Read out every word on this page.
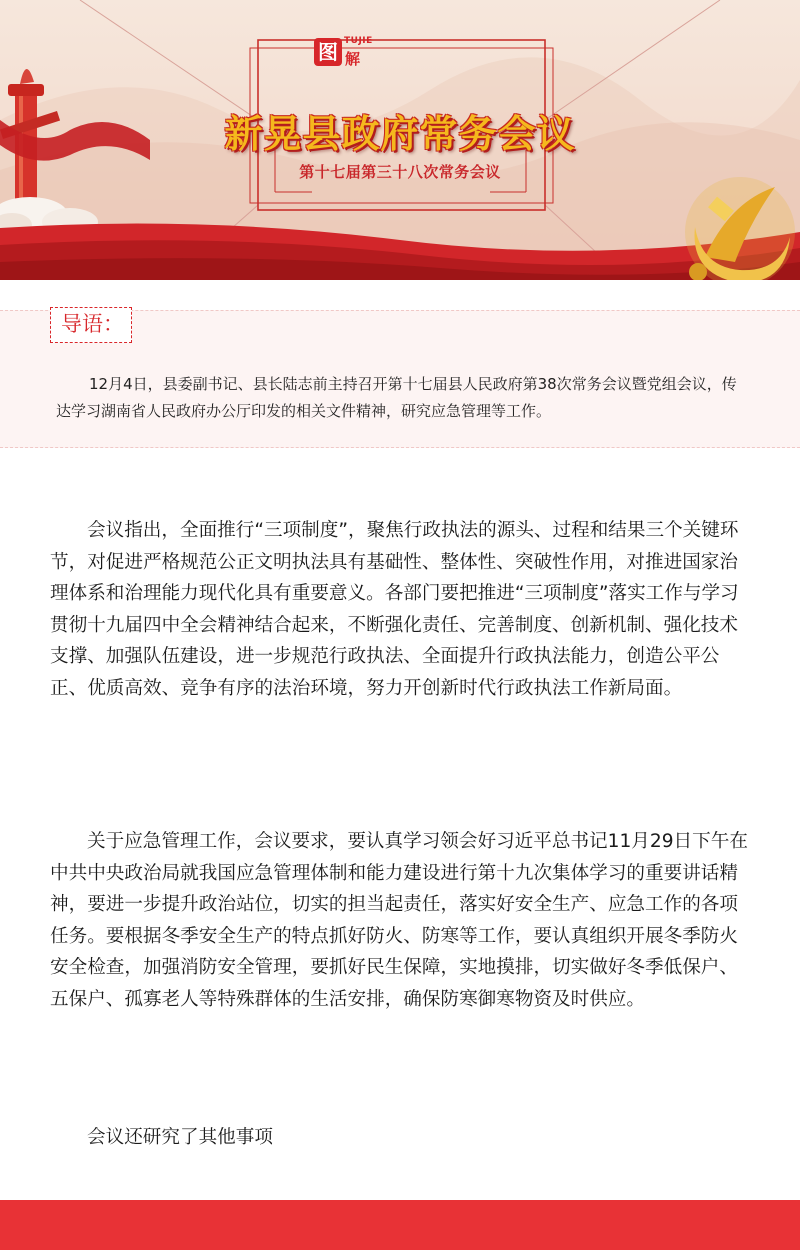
图 TUJIE
解
新晃县政府常务会议
第十七届第三十八次常务会议
导语：
12月4日，县委副书记、县长陆志前主持召开第十七届县人民政府第38次常务会议暨党组会议，传达学习湖南省人民政府办公厅印发的相关文件精神，研究应急管理等工作。
会议指出，全面推行“三项制度”，聚焦行政执法的源头、过程和结果三个关键环节，对促进严格规范公正文明执法具有基础性、整体性、突破性作用，对推进国家治理体系和治理能力现代化具有重要意义。各部门要把推进“三项制度”落实工作与学习贯彻十九届四中全会精神结合起来，不断强化责任、完善制度、创新机制、强化技术支撑、加强队伍建设，进一步规范行政执法、全面提升行政执法能力，创造公平公正、优质高效、竞争有序的法治环境，努力开创新时代行政执法工作新局面。
关于应急管理工作，会议要求，要认真学习领会好习近平总书记11月29日下午在中共中央政治局就我国应急管理体制和能力建设进行第十九次集体学习的重要讲话精神，要进一步提升政治站位，切实的担当起责任，落实好安全生产、应急工作的各项任务。要根据冬季安全生产的特点抓好防火、防寒等工作，要认真组织开展冬季防火安全检查，加强消防安全管理，要抓好民生保障，实地摸排，切实做好冬季低保户、五保户、孤寡老人等特殊群体的生活安排，确保防寒御寒物资及时供应。
会议还研究了其他事项
